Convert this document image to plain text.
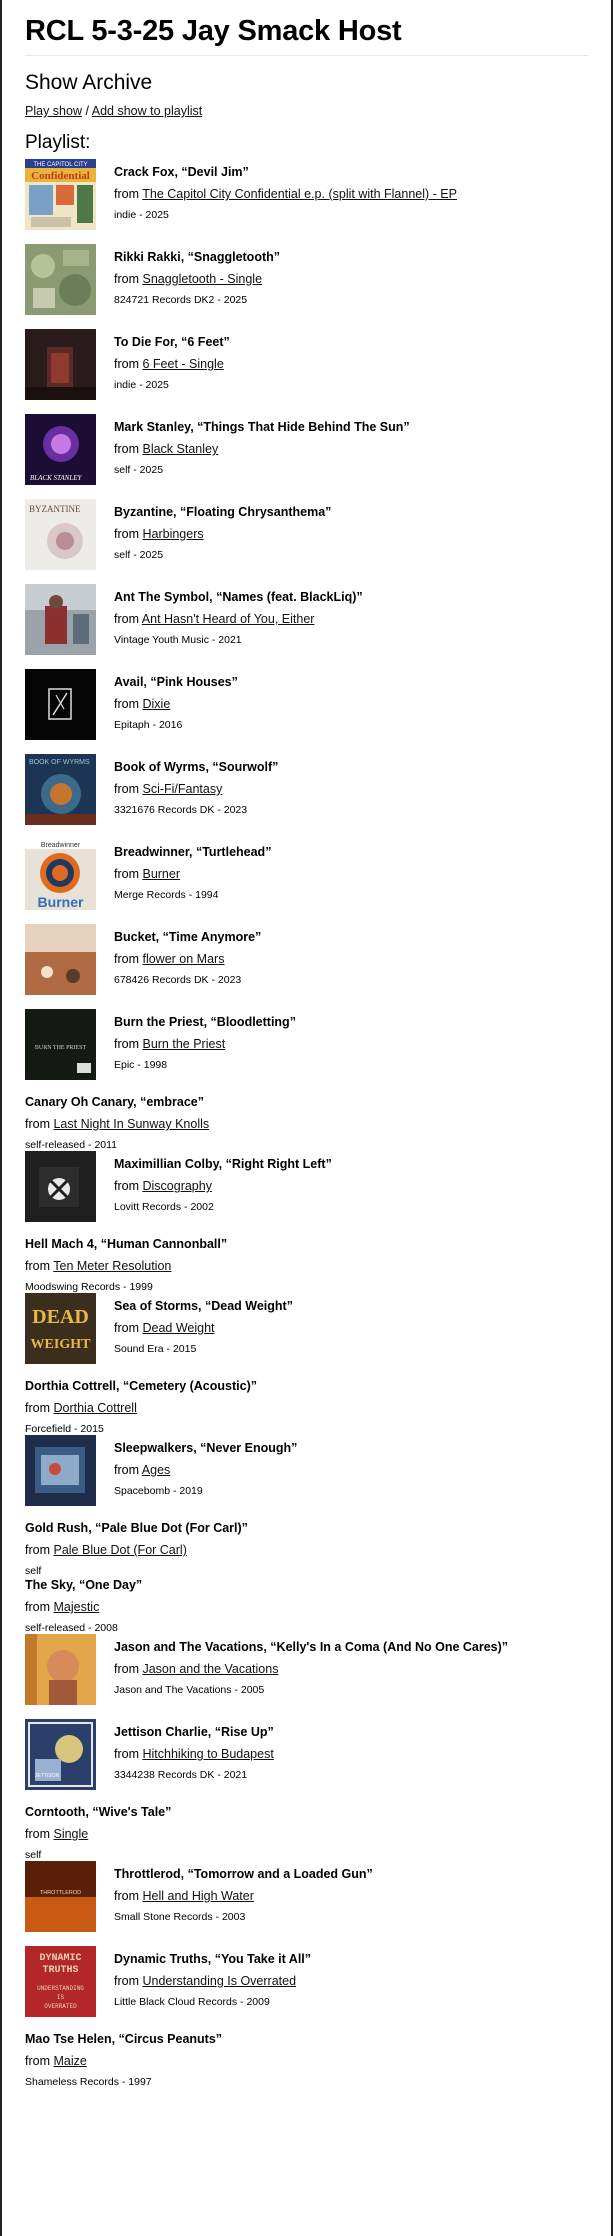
RCL 5-3-25 Jay Smack Host
Show Archive
Play show / Add show to playlist
Playlist:
THE CAPITOL CITY
Confidential Crack Fox, “Devil Jim”
from The Capitol City Confidential e.p. (split with Flannel) - EP
indie - 2025
Rikki Rakki, “Snaggletooth”
from Snaggletooth - Single
824721 Records DK2 - 2025
To Die For, “6 Feet”
from 6 Feet - Single
indie - 2025
BLACK STANLEY
Mark Stanley, “Things That Hide Behind The Sun”
from Black Stanley
self - 2025
BYZANTINE	Byzantine, “Floating Chrysanthema”
from Harbingers
self - 2025
Ant The Symbol, “Names (feat. BlackLiq)”
from Ant Hasn't Heard of You, Either
Vintage Youth Music - 2021
Avail, “Pink Houses”
from Dixie
Epitaph - 2016
BOOK OF WYRMS Book of Wyrms, “Sourwolf”
from Sci-Fi/Fantasy
3321676 Records DK - 2023
Breadwinner
Burner
Breadwinner, “Turtlehead”
from Burner
Merge Records - 1994
Bucket, “Time Anymore”
from flower on Mars
678426 Records DK - 2023
BURN THE PRIEST
Burn the Priest, “Bloodletting”
from Burn the Priest
Epic - 1998
Canary Oh Canary, “embrace”
from Last Night In Sunway Knolls
self-released - 2011
Maximillian Colby, “Right Right Left”
from Discography
Lovitt Records - 2002
Hell Mach 4, “Human Cannonball”
from Ten Meter Resolution
Moodswing Records - 1999
DEAD
WEIGHT
Sea of Storms, “Dead Weight”
from Dead Weight
Sound Era - 2015
Dorthia Cottrell, “Cemetery (Acoustic)”
from Dorthia Cottrell
Forcefield - 2015
Sleepwalkers, “Never Enough”
from Ages
Spacebomb - 2019
Gold Rush, “Pale Blue Dot (For Carl)”
from Pale Blue Dot (For Carl)
self
The Sky, “One Day”
from Majestic
self-released - 2008
Jason and The Vacations, “Kelly's In a Coma (And No One Cares)”
from Jason and the Vacations
Jason and The Vacations - 2005
JETTISON
Jettison Charlie, “Rise Up”
from Hitchhiking to Budapest
3344238 Records DK - 2021
Corntooth, “Wive's Tale”
from Single
self
THROTTLEROD
Throttlerod, “Tomorrow and a Loaded Gun”
from Hell and High Water
Small Stone Records - 2003
DYNAMIC
TRUTHS
UNDERSTANDING
IS
OVERRATED
Dynamic Truths, “You Take it All”
from Understanding Is Overrated
Little Black Cloud Records - 2009
Mao Tse Helen, “Circus Peanuts”
from Maize
Shameless Records - 1997
